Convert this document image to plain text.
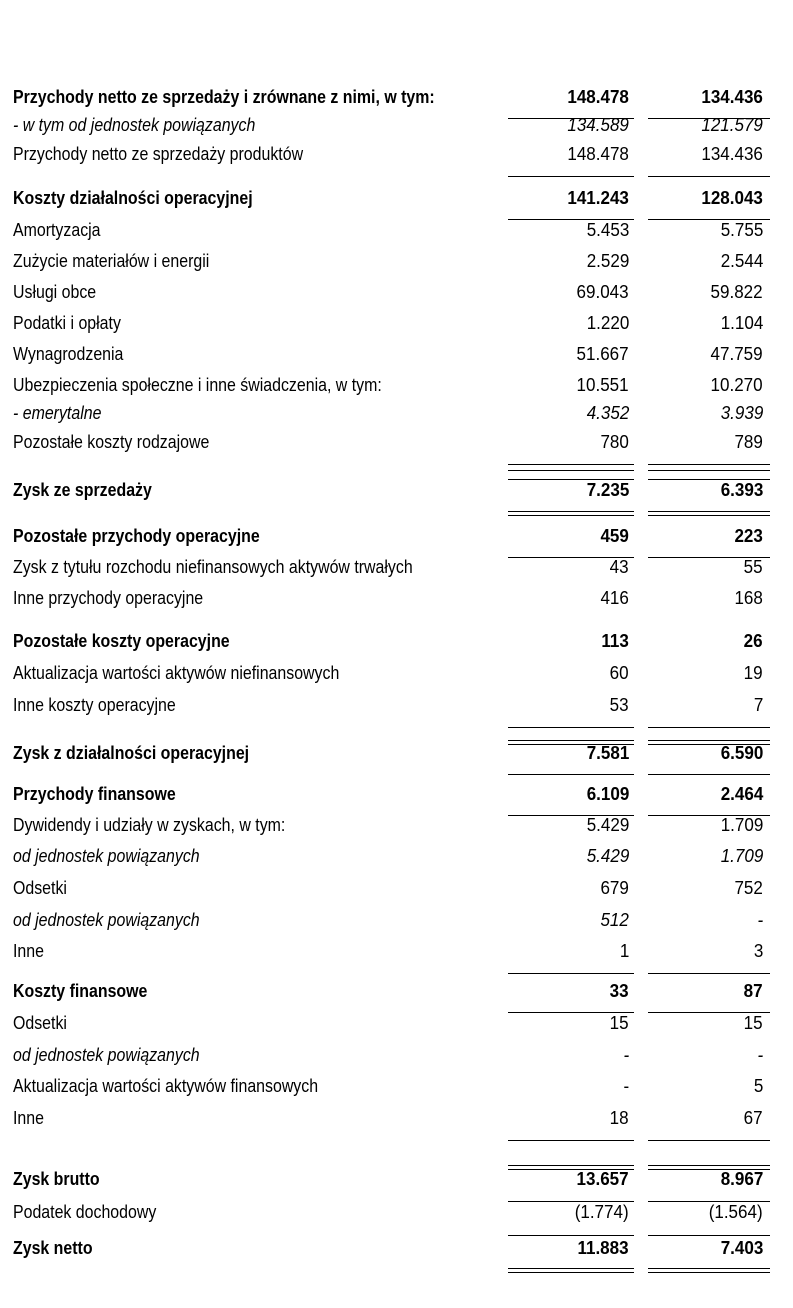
Przychody netto ze sprzedaży i zrównane z nimi, w tym:	148.478	134.436
- w tym od jednostek powiązanych	134.589	121.579
Przychody netto ze sprzedaży produktów	148.478	134.436
Koszty działalności operacyjnej	141.243	128.043
Amortyzacja	5.453	5.755
Zużycie materiałów i energii	2.529	2.544
Usługi obce	69.043	59.822
Podatki i opłaty	1.220	1.104
Wynagrodzenia	51.667	47.759
Ubezpieczenia społeczne i inne świadczenia, w tym:	10.551	10.270
- emerytalne	4.352	3.939
Pozostałe koszty rodzajowe	780	789
Zysk ze sprzedaży	7.235	6.393
Pozostałe przychody operacyjne	459	223
Zysk z tytułu rozchodu niefinansowych aktywów trwałych	43	55
Inne przychody operacyjne	416	168
Pozostałe koszty operacyjne	113	26
Aktualizacja wartości aktywów niefinansowych	60	19
Inne koszty operacyjne	53	7
Zysk z działalności operacyjnej	7.581	6.590
Przychody finansowe	6.109	2.464
Dywidendy i udziały w zyskach, w tym:	5.429	1.709
od jednostek powiązanych	5.429	1.709
Odsetki	679	752
od jednostek powiązanych	512	-
Inne	1	3
Koszty finansowe	33	87
Odsetki	15	15
od jednostek powiązanych	-	-
Aktualizacja wartości aktywów finansowych	-	5
Inne	18	67
Zysk brutto	13.657	8.967
Podatek dochodowy	(1.774)	(1.564)
Zysk netto	11.883	7.403
